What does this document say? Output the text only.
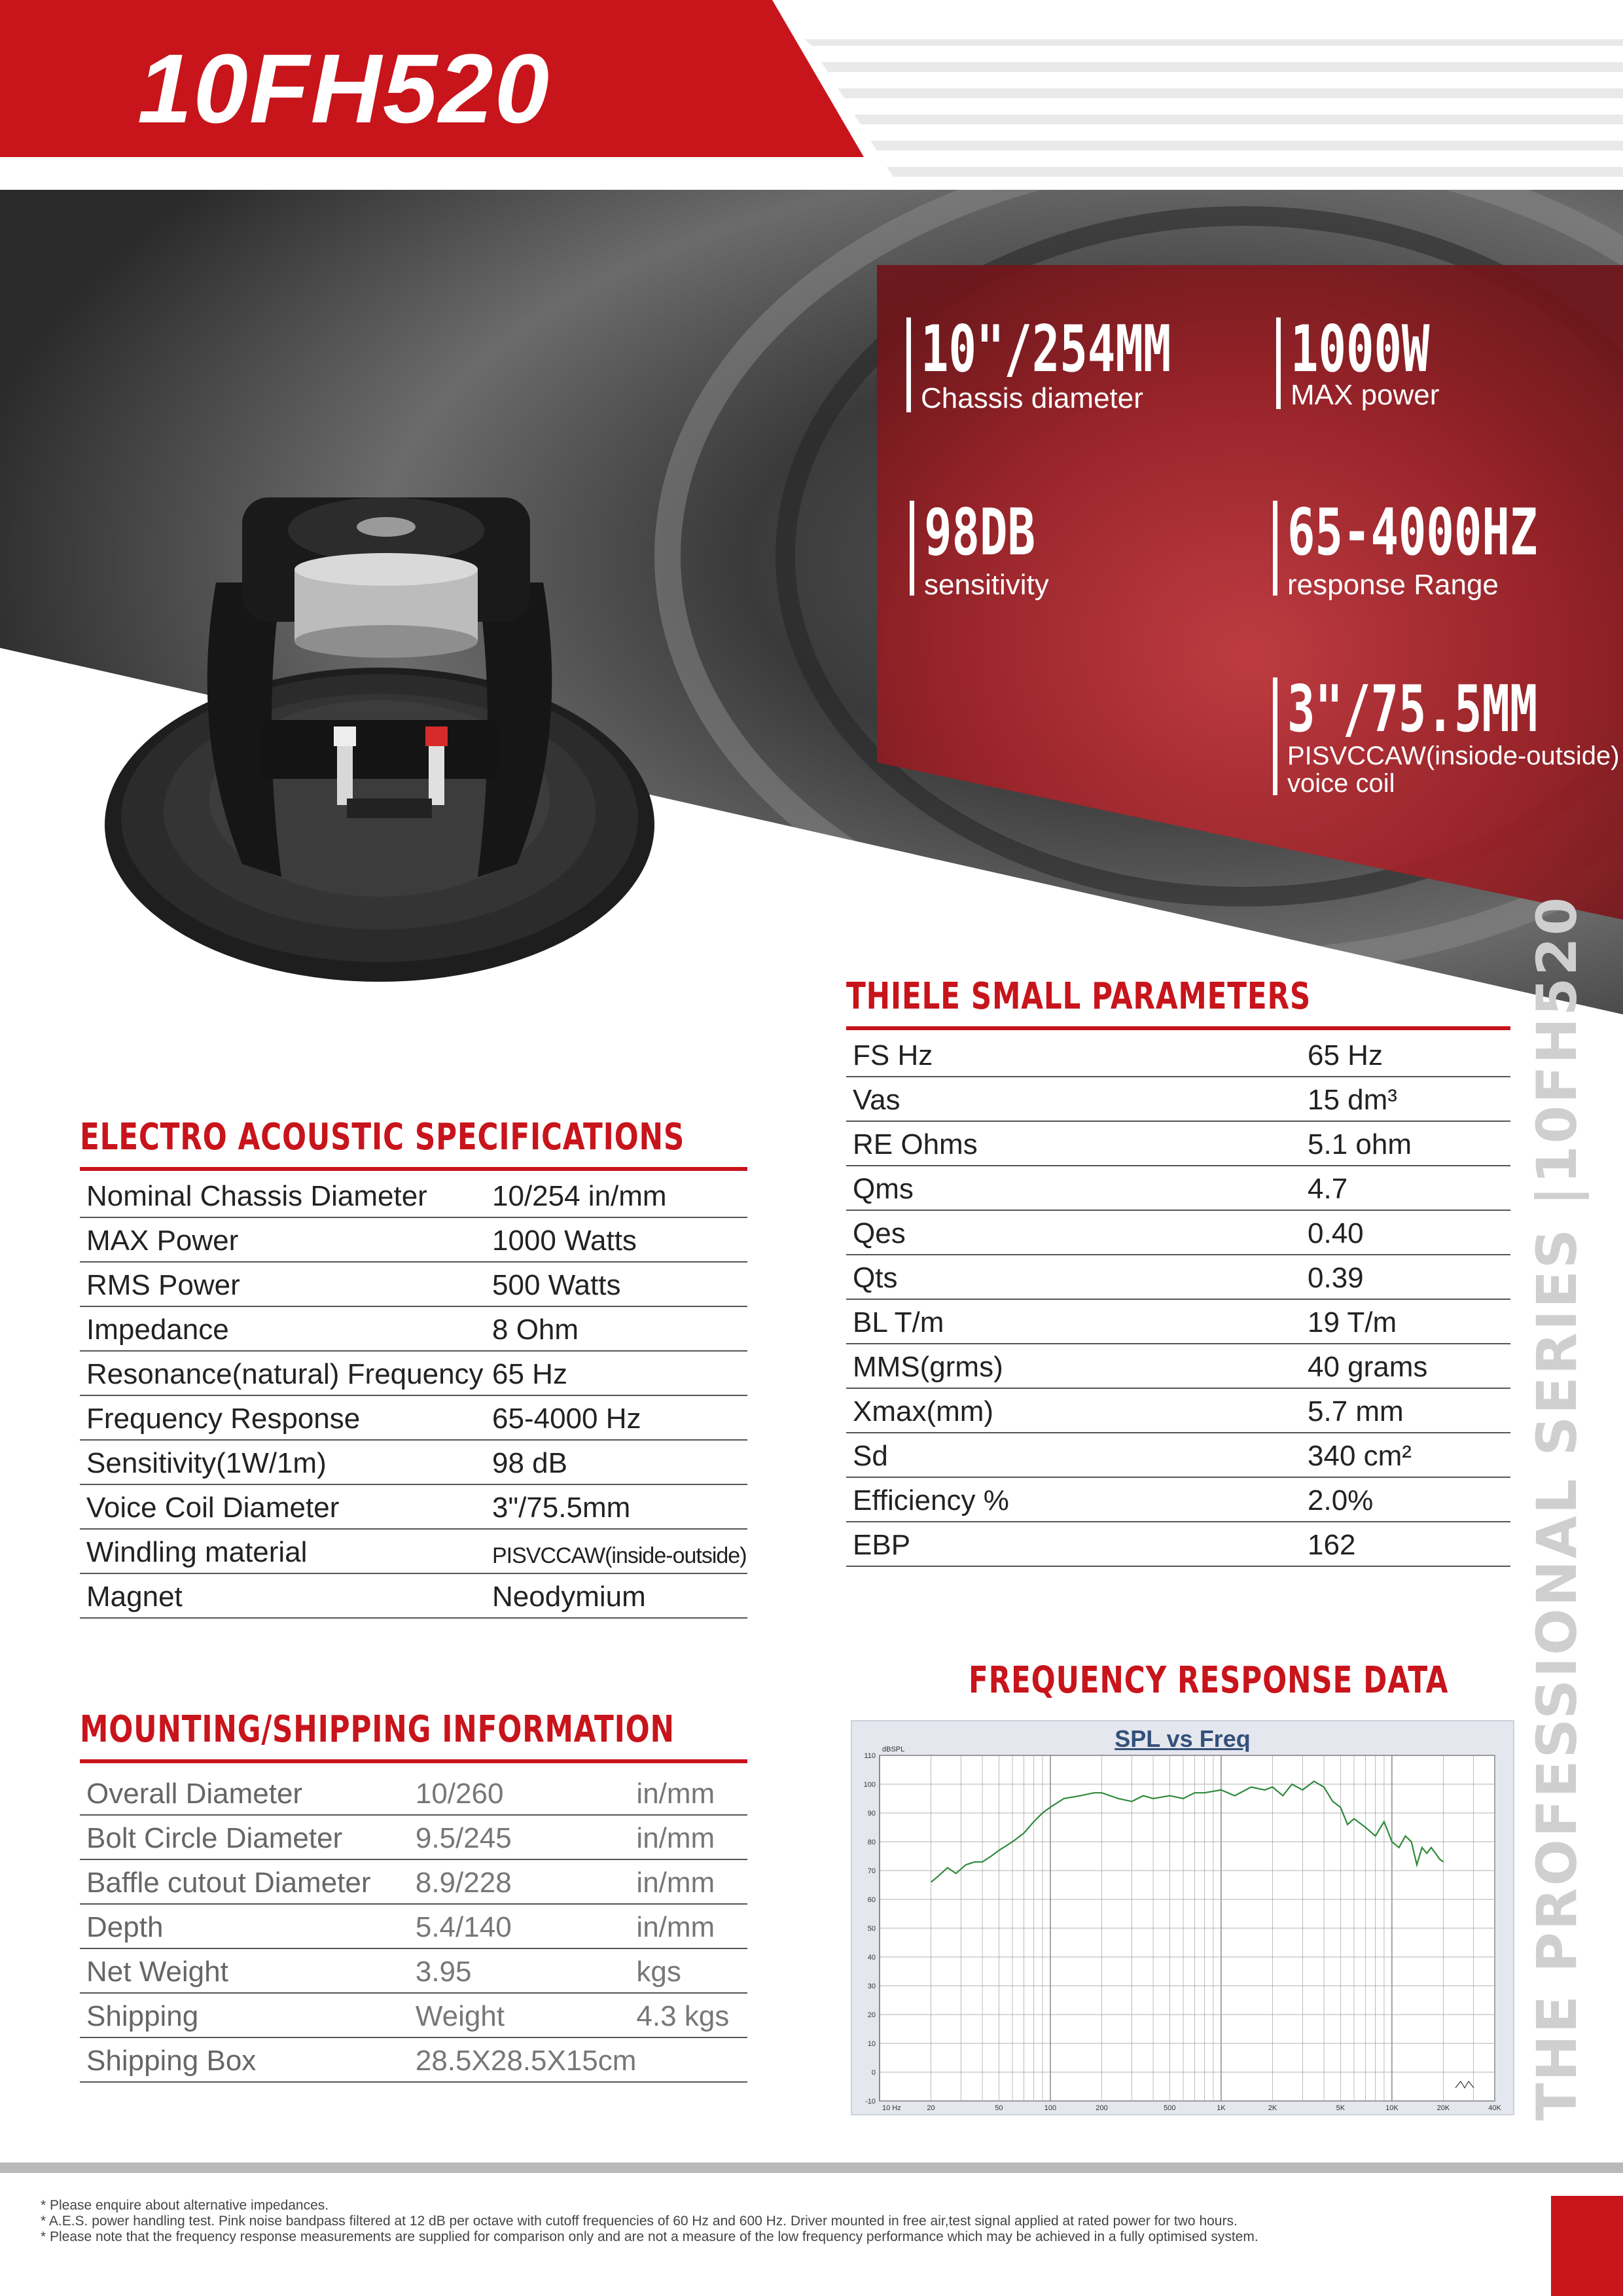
10FH520
10"/254MM
Chassis diameter
1000W
MAX power
98DB
sensitivity
65-4000HZ
response Range
3"/75.5MM
PISVCCAW(insiode-outside)
voice coil
THIELE SMALL PARAMETERS
FS Hz	65 Hz

Vas	15 dm³

RE Ohms	5.1 ohm

Qms	4.7

Qes	0.40

Qts	0.39

BL T/m	19 T/m

MMS(grms)	40 grams

Xmax(mm)	5.7 mm

Sd	340 cm²

Efficiency %	2.0%

EBP	162
ELECTRO ACOUSTIC SPECIFICATIONS
Nominal Chassis Diameter	10/254 in/mm

MAX Power	1000 Watts

RMS Power	500 Watts

Impedance	8 Ohm

Resonance(natural) Frequency	65 Hz

Frequency Response	65-4000 Hz

Sensitivity(1W/1m)	98 dB

Voice Coil Diameter	3"/75.5mm

Windling material	PISVCCAW(inside-outside)

Magnet	Neodymium
MOUNTING/SHIPPING INFORMATION
Overall Diameter	10/260	in/mm

Bolt Circle Diameter	9.5/245	in/mm

Baffle cutout Diameter	8.9/228	in/mm

Depth	5.4/140	in/mm

Net Weight	3.95	kgs

Shipping	Weight	4.3 kgs

Shipping Box	28.5X28.5X15cm	

FREQUENCY RESPONSE DATA
SPL vs Freq
110
100
90
80
70
60
50
40
30
20
10
0
-10
10 Hz	20	50	100	200	500	1K	2K	5K	10K	20K	40K
dBSPL	THE PROFESSIONAL SERIES |10FH520
* Please enquire about alternative impedances.
* A.E.S. power handling test. Pink noise bandpass filtered at 12 dB per octave with cutoff frequencies of 60 Hz and 600 Hz. Driver mounted in free air,test signal applied at rated power for two hours.
* Please note that the frequency response measurements are supplied for comparison only and are not a measure of the low frequency performance which may be achieved in a fully optimised system.
